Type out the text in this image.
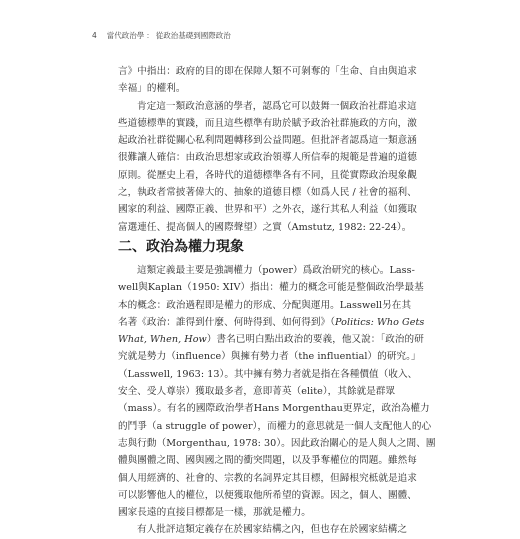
4 當代政治學 ： 從政治基礎到國際政治
言》中指出：政府的目的即在保障人類不可剝奪的「生命、自由與追求
幸福」的權利。
肯定這一類政治意涵的學者，認爲它可以鼓舞一個政治社群追求這
些道德標準的實踐，而且這些標準有助於賦予政治社群施政的方向，激
起政治社群從關心私利問題轉移到公益問題。但批評者認爲這一類意涵
很難讓人確信：由政治思想家或政治領導人所信奉的規範是普遍的道德
原則。從歷史上看，各時代的道德標準各有不同，且從實際政治現象觀
之，執政者常披著偉大的、抽象的道德目標（如爲人民 / 社會的福利、
國家的利益、國際正義、世界和平）之外衣，遂行其私人利益（如獲取
富選連任、提高個人的國際聲望）之實（Amstutz, 1982: 22-24）。
二、政治為權力現象
這類定義最主要是強調權力（power）爲政治研究的核心。Lass-
well與Kaplan（1950: XIV）指出：權力的概念可能是整個政治學最基
本的概念：政治過程即是權力的形成、分配與運用。Lasswell另在其
名著《政治：誰得到什麼、何時得到、如何得到》（Politics: Who Gets
What, When, How）書名已明白點出政治的要義，他又說：「政治的研
究就是勢力（influence）與擁有勢力者（the influential）的研究。」
（Lasswell, 1963: 13）。其中擁有勢力者就是指在各種價值（收入、
安全、受人尊崇）獲取最多者，意即菁英（elite），其餘就是群眾
（mass）。有名的國際政治學者Hans Morgenthau更界定，政治為權力
的鬥爭（a struggle of power），而權力的意思就是一個人支配他人的心
志與行動（Morgenthau, 1978: 30）。因此政治關心的是人與人之間、團
體與團體之間、國與國之間的衝突問題，以及爭奪權位的問題。雖然每
個人用經濟的、社會的、宗教的名詞界定其目標，但歸根究柢就是追求
可以影響他人的權位，以便獲取他所希望的資源。因之，個人、團體、
國家長遠的直接目標都是一樣，那就是權力。
有人批評這類定義存在於國家結構之內，但也存在於國家結構之
